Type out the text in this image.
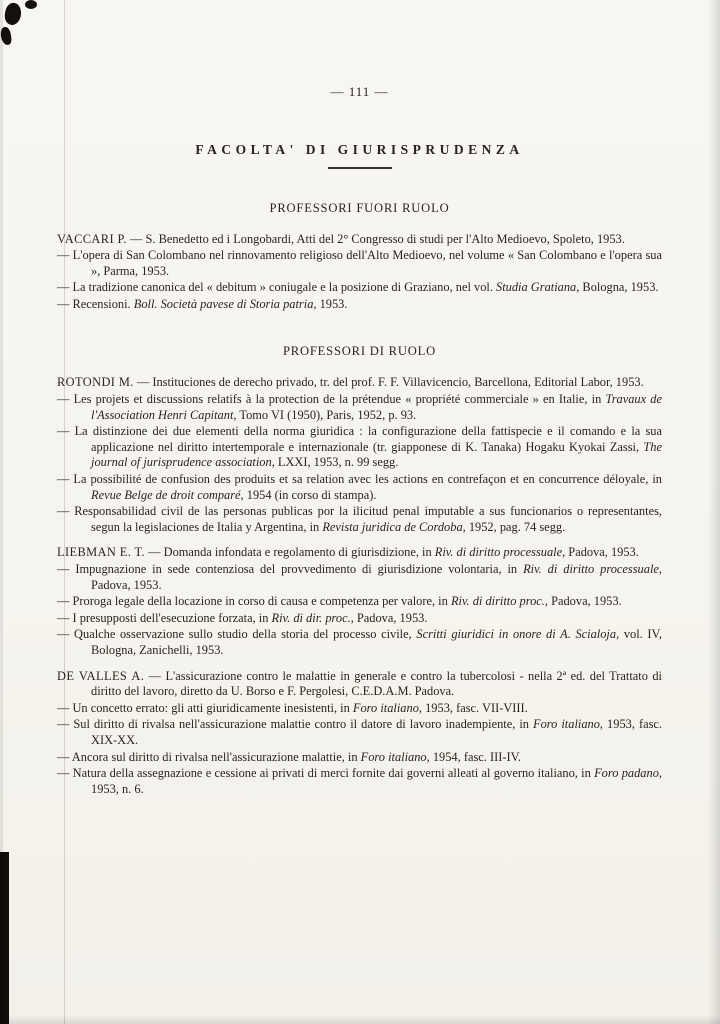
— 111 —
FACOLTA' DI GIURISPRUDENZA
PROFESSORI FUORI RUOLO

VACCARI P. — S. Benedetto ed i Longobardi, Atti del 2° Congresso di studi per l'Alto Medioevo, Spoleto, 1953.

— L'opera di San Colombano nel rinnovamento religioso dell'Alto Medioevo, nel volume « San Colombano e l'opera sua », Parma, 1953.

— La tradizione canonica del « debitum » coniugale e la posizione di Graziano, nel vol. Studia Gratiana, Bologna, 1953.

— Recensioni. Boll. Società pavese di Storia patria, 1953.

PROFESSORI DI RUOLO

ROTONDI M. — Instituciones de derecho privado, tr. del prof. F. F. Villavicencio, Barcellona, Editorial Labor, 1953.

— Les projets et discussions relatifs à la protection de la prétendue « propriété commerciale » en Italie, in Travaux de l'Association Henri Capitant, Tomo VI (1950), Paris, 1952, p. 93.

— La distinzione dei due elementi della norma giuridica : la configurazione della fattispecie e il comando e la sua applicazione nel diritto intertemporale e internazionale (tr. giapponese di K. Tanaka) Hogaku Kyokai Zassi, The journal of jurisprudence association, LXXI, 1953, n. 99 segg.

— La possibilité de confusion des produits et sa relation avec les actions en contrefaçon et en concurrence déloyale, in Revue Belge de droit comparé, 1954 (in corso di stampa).

— Responsabilidad civil de las personas publicas por la ilicitud penal imputable a sus funcionarios o representantes, segun la legislaciones de Italia y Argentina, in Revista juridica de Cordoba, 1952, pag. 74 segg.

LIEBMAN E. T. — Domanda infondata e regolamento di giurisdizione, in Riv. di diritto processuale, Padova, 1953.

— Impugnazione in sede contenziosa del provvedimento di giurisdizione volontaria, in Riv. di diritto processuale, Padova, 1953.

— Proroga legale della locazione in corso di causa e competenza per valore, in Riv. di diritto proc., Padova, 1953.

— I presupposti dell'esecuzione forzata, in Riv. di dir. proc., Padova, 1953.

— Qualche osservazione sullo studio della storia del processo civile, Scritti giuridici in onore di A. Scialoja, vol. IV, Bologna, Zanichelli, 1953.

DE VALLES A. — L'assicurazione contro le malattie in generale e contro la tubercolosi - nella 2ª ed. del Trattato di diritto del lavoro, diretto da U. Borso e F. Pergolesi, C.E.D.A.M. Padova.

— Un concetto errato: gli atti giuridicamente inesistenti, in Foro italiano, 1953, fasc. VII-VIII.

— Sul diritto di rivalsa nell'assicurazione malattie contro il datore di lavoro inadempiente, in Foro italiano, 1953, fasc. XIX-XX.

— Ancora sul diritto di rivalsa nell'assicurazione malattie, in Foro italiano, 1954, fasc. III-IV.

— Natura della assegnazione e cessione ai privati di merci fornite dai governi alleati al governo italiano, in Foro padano, 1953, n. 6.
